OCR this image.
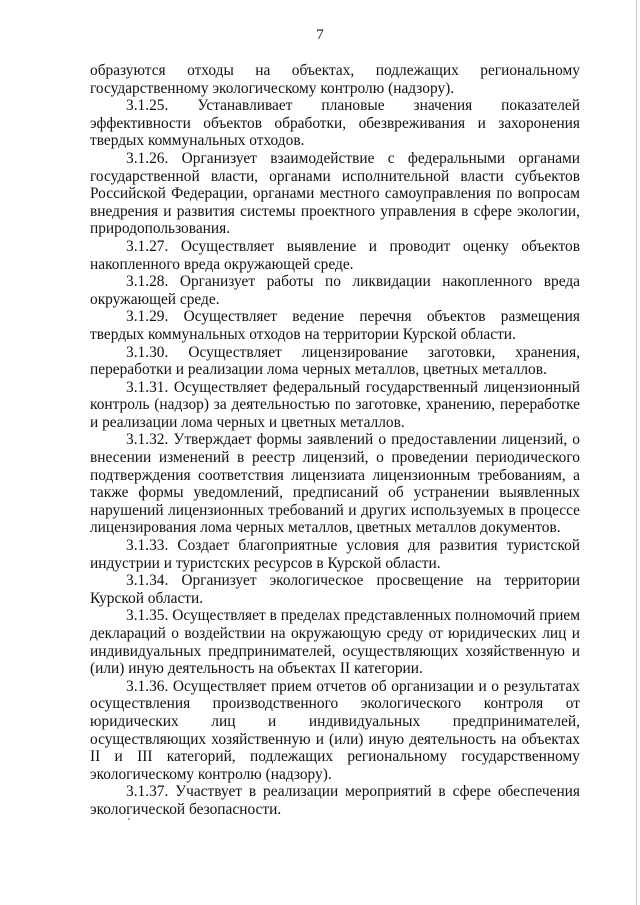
7

образуются отходы на объектах, подлежащих региональному государственному экологическому контролю (надзору).

3.1.25. Устанавливает плановые значения показателей эффективности объектов обработки, обезвреживания и захоронения твердых коммунальных отходов.

3.1.26. Организует взаимодействие с федеральными органами государственной власти, органами исполнительной власти субъектов Российской Федерации, органами местного самоуправления по вопросам внедрения и развития системы проектного управления в сфере экологии, природопользования.

3.1.27. Осуществляет выявление и проводит оценку объектов накопленного вреда окружающей среде.

3.1.28. Организует работы по ликвидации накопленного вреда окружающей среде.

3.1.29. Осуществляет ведение перечня объектов размещения твердых коммунальных отходов на территории Курской области.

3.1.30. Осуществляет лицензирование заготовки, хранения, переработки и реализации лома черных металлов, цветных металлов.

3.1.31. Осуществляет федеральный государственный лицензионный контроль (надзор) за деятельностью по заготовке, хранению, переработке и реализации лома черных и цветных металлов.

3.1.32. Утверждает формы заявлений о предоставлении лицензий, о внесении изменений в реестр лицензий, о проведении периодического подтверждения соответствия лицензиата лицензионным требованиям, а также формы уведомлений, предписаний об устранении выявленных нарушений лицензионных требований и других используемых в процессе лицензирования лома черных металлов, цветных металлов документов.

3.1.33. Создает благоприятные условия для развития туристской индустрии и туристских ресурсов в Курской области.

3.1.34. Организует экологическое просвещение на территории Курской области.

3.1.35. Осуществляет в пределах представленных полномочий прием деклараций о воздействии на окружающую среду от юридических лиц и индивидуальных предпринимателей, осуществляющих хозяйственную и (или) иную деятельность на объектах II категории.

3.1.36. Осуществляет прием отчетов об организации и о результатах осуществления производственного экологического контроля от юридических лиц и индивидуальных предпринимателей, осуществляющих хозяйственную и (или) иную деятельность на объектах II и III категорий, подлежащих региональному государственному экологическому контролю (надзору).

3.1.37. Участвует в реализации мероприятий в сфере обеспечения экологической безопасности.
